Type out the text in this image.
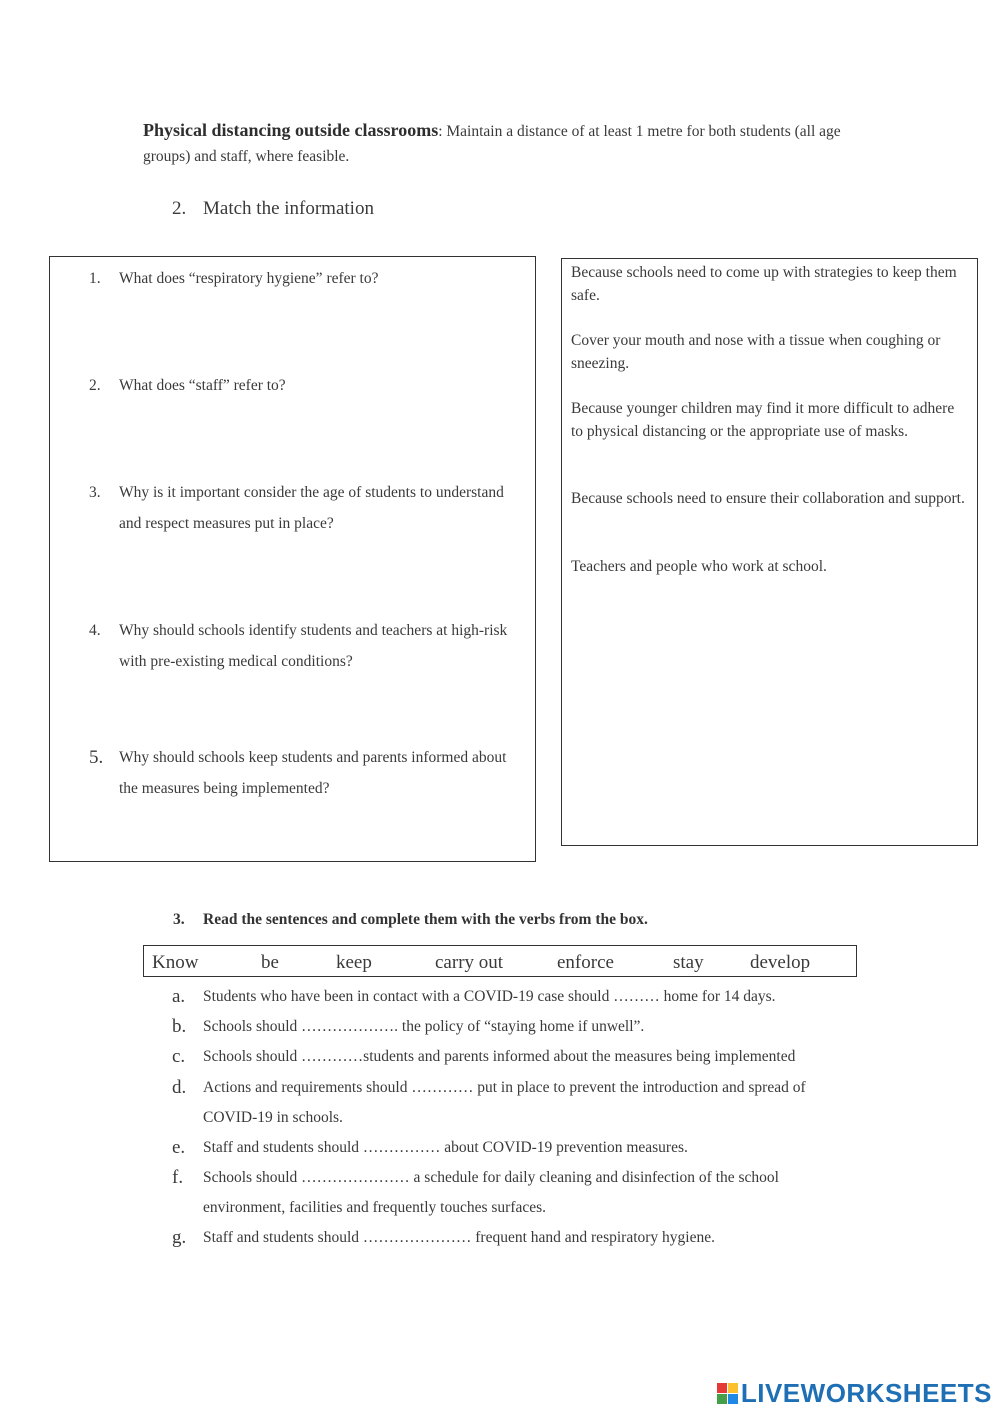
Physical distancing outside classrooms: Maintain a distance of at least 1 metre for both students (all age groups) and staff, where feasible.
2. Match the information
1.	What does “respiratory hygiene” refer to?
2.	What does “staff” refer to?
3.	Why is it important consider the age of students to understand and respect measures put in place?
4.	Why should schools identify students and teachers at high-risk with pre-existing medical conditions?
5.	Why should schools keep students and parents informed about the measures being implemented?
Because schools need to come up with strategies to keep them safe.
Cover your mouth and nose with a tissue when coughing or sneezing.
Because younger children may find it more difficult to adhere to physical distancing or the appropriate use of masks.
Because schools need to ensure their collaboration and support.
Teachers and people who work at school.
3. Read the sentences and complete them with the verbs from the box.
Know	be	keep	carry out	enforce	stay develop
a. Students who have been in contact with a COVID-19 case should ……… home for 14 days.
b. Schools should ………………. the policy of “staying home if unwell”.
c. Schools should …………students and parents informed about the measures being implemented
d. Actions and requirements should ………… put in place to prevent the introduction and spread of COVID-19 in schools.
e. Staff and students should …………… about COVID-19 prevention measures.
f. Schools should ………………… a schedule for daily cleaning and disinfection of the school environment, facilities and frequently touches surfaces.
g. Staff and students should ………………… frequent hand and respiratory hygiene.
LIVEWORKSHEETS
